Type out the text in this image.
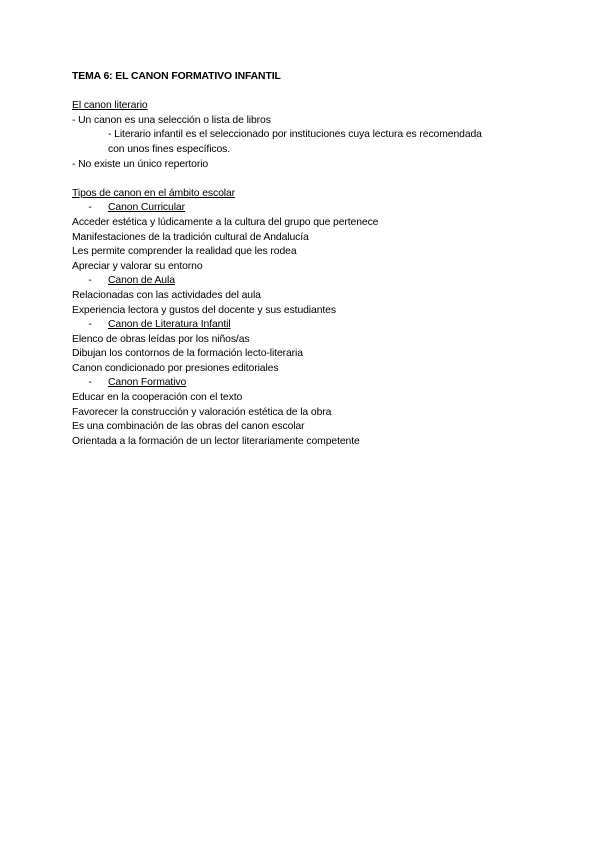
TEMA 6: EL CANON FORMATIVO INFANTIL
El canon literario
- Un canon es una selección o lista de libros
- Literario infantil es el seleccionado por instituciones cuya lectura es recomendada
con unos fines específicos.
- No existe un único repertorio
Tipos de canon en el ámbito escolar
-	Canon Curricular
Acceder estética y lúdicamente a la cultura del grupo que pertenece
Manifestaciones de la tradición cultural de Andalucía
Les permite comprender la realidad que les rodea
Apreciar y valorar su entorno
-	Canon de Aula
Relacionadas con las actividades del aula
Experiencia lectora y gustos del docente y sus estudiantes
-	Canon de Literatura Infantil
Elenco de obras leídas por los niños/as
Dibujan los contornos de la formación lecto-literaria
Canon condicionado por presiones editoriales
-	Canon Formativo
Educar en la cooperación con el texto
Favorecer la construcción y valoración estética de la obra
Es una combinación de las obras del canon escolar
Orientada a la formación de un lector literariamente competente
